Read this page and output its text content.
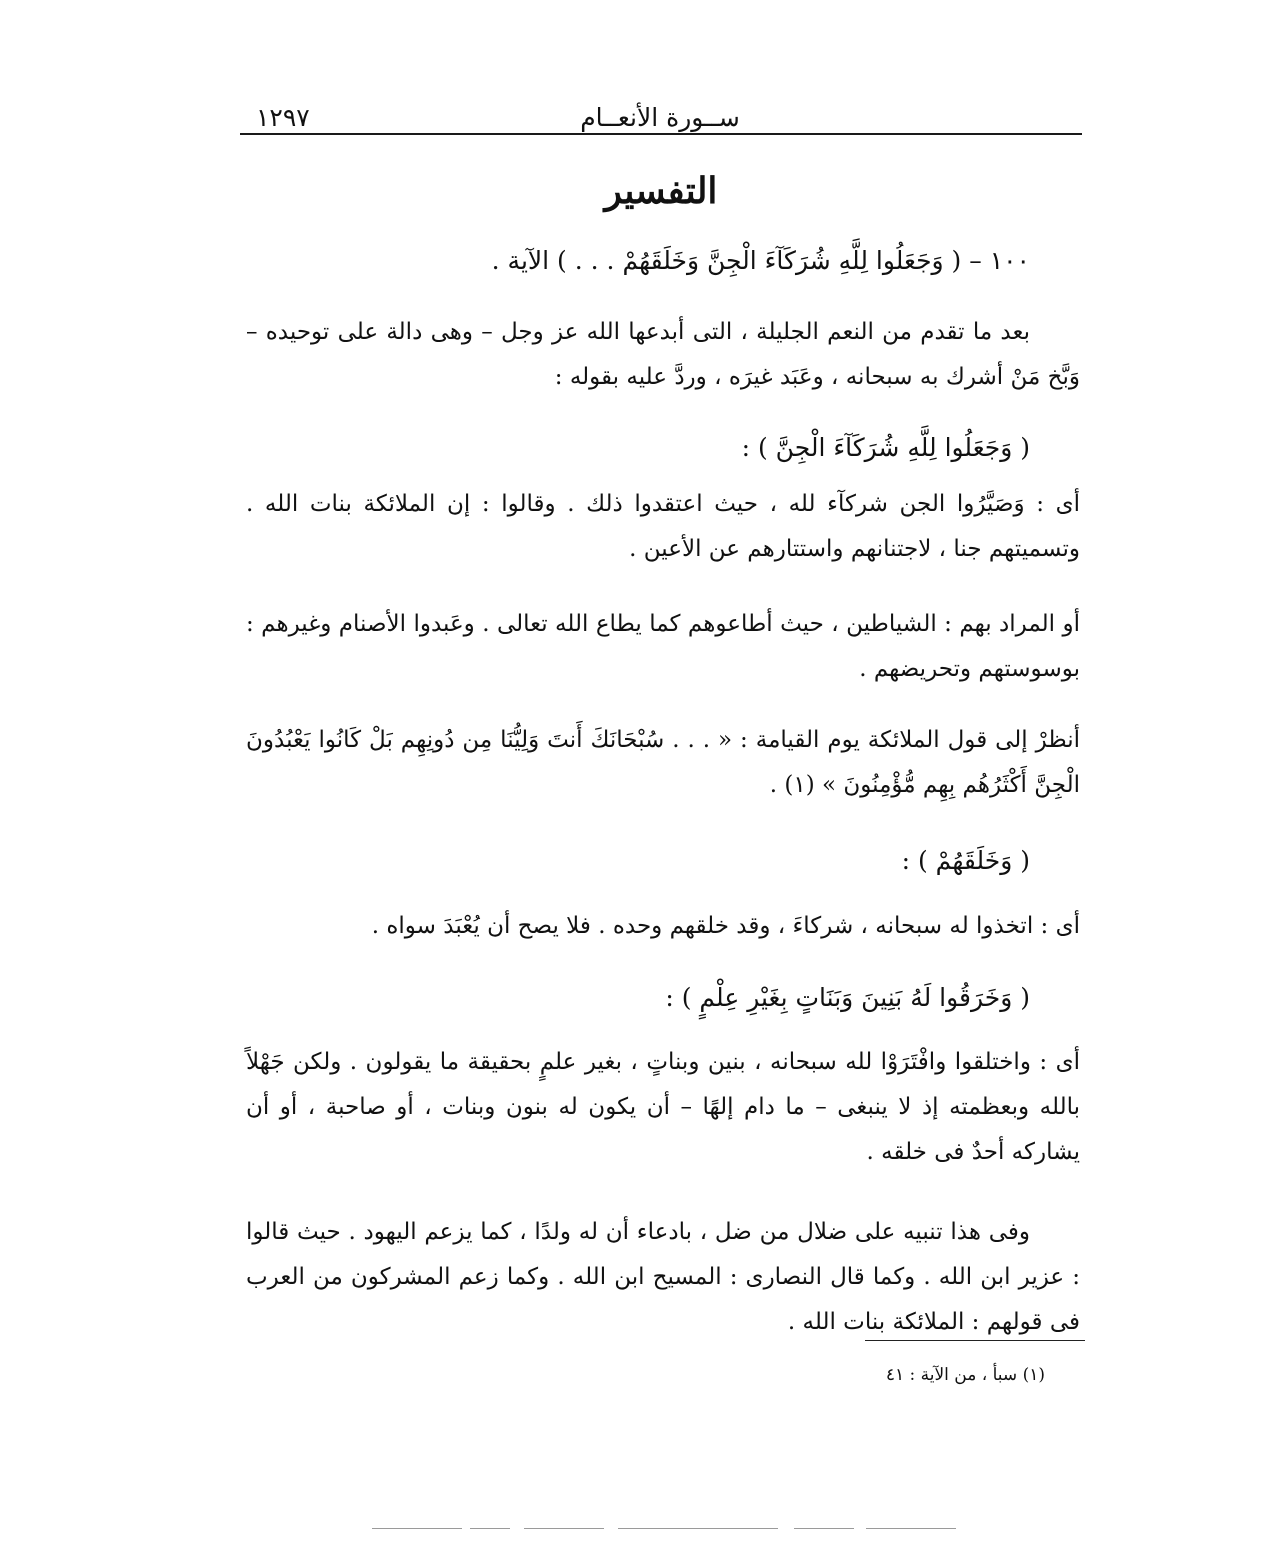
١٢٩٧	ســورة الأنعــام
التفسير
١٠٠ – ( وَجَعَلُوا لِلَّهِ شُرَكَآءَ الْجِنَّ وَخَلَقَهُمْ . . . ) الآية .
بعد ما تقدم من النعم الجليلة ، التى أبدعها الله عز وجل – وهى دالة على توحيده – وَبَّخ مَنْ أشرك به سبحانه ، وعَبَد غيرَه ، وردَّ عليه بقوله :
( وَجَعَلُوا لِلَّهِ شُرَكَآءَ الْجِنَّ ) :
أى : وَصَيَّرُوا الجن شركآء لله ، حيث اعتقدوا ذلك . وقالوا : إن الملائكة بنات الله . وتسميتهم جنا ، لاجتنانهم واستتارهم عن الأعين .
أو المراد بهم : الشياطين ، حيث أطاعوهم كما يطاع الله تعالى . وعَبدوا الأصنام وغيرهم : بوسوستهم وتحريضهم .
أنظرْ إلى قول الملائكة يوم القيامة : « . . . سُبْحَانَكَ أَنتَ وَلِيُّنَا مِن دُونِهِم بَلْ كَانُوا يَعْبُدُونَ الْجِنَّ أَكْثَرُهُم بِهِم مُّؤْمِنُونَ » (١) .
( وَخَلَقَهُمْ ) :
أى : اتخذوا له سبحانه ، شركاءَ ، وقد خلقهم وحده . فلا يصح أن يُعْبَدَ سواه .
( وَخَرَقُوا لَهُ بَنِينَ وَبَنَاتٍ بِغَيْرِ عِلْمٍ ) :
أى : واختلقوا وافْتَرَوْا لله سبحانه ، بنين وبناتٍ ، بغير علمٍ بحقيقة ما يقولون . ولكن جَهْلاً بالله وبعظمته إذ لا ينبغى – ما دام إلهًا – أن يكون له بنون وبنات ، أو صاحبة ، أو أن يشاركه أحدٌ فى خلقه .
وفى هذا تنبيه على ضلال من ضل ، بادعاء أن له ولدًا ، كما يزعم اليهود . حيث قالوا : عزير ابن الله . وكما قال النصارى : المسيح ابن الله . وكما زعم المشركون من العرب فى قولهم : الملائكة بنات الله .
(١) سبأ ، من الآية : ٤١
